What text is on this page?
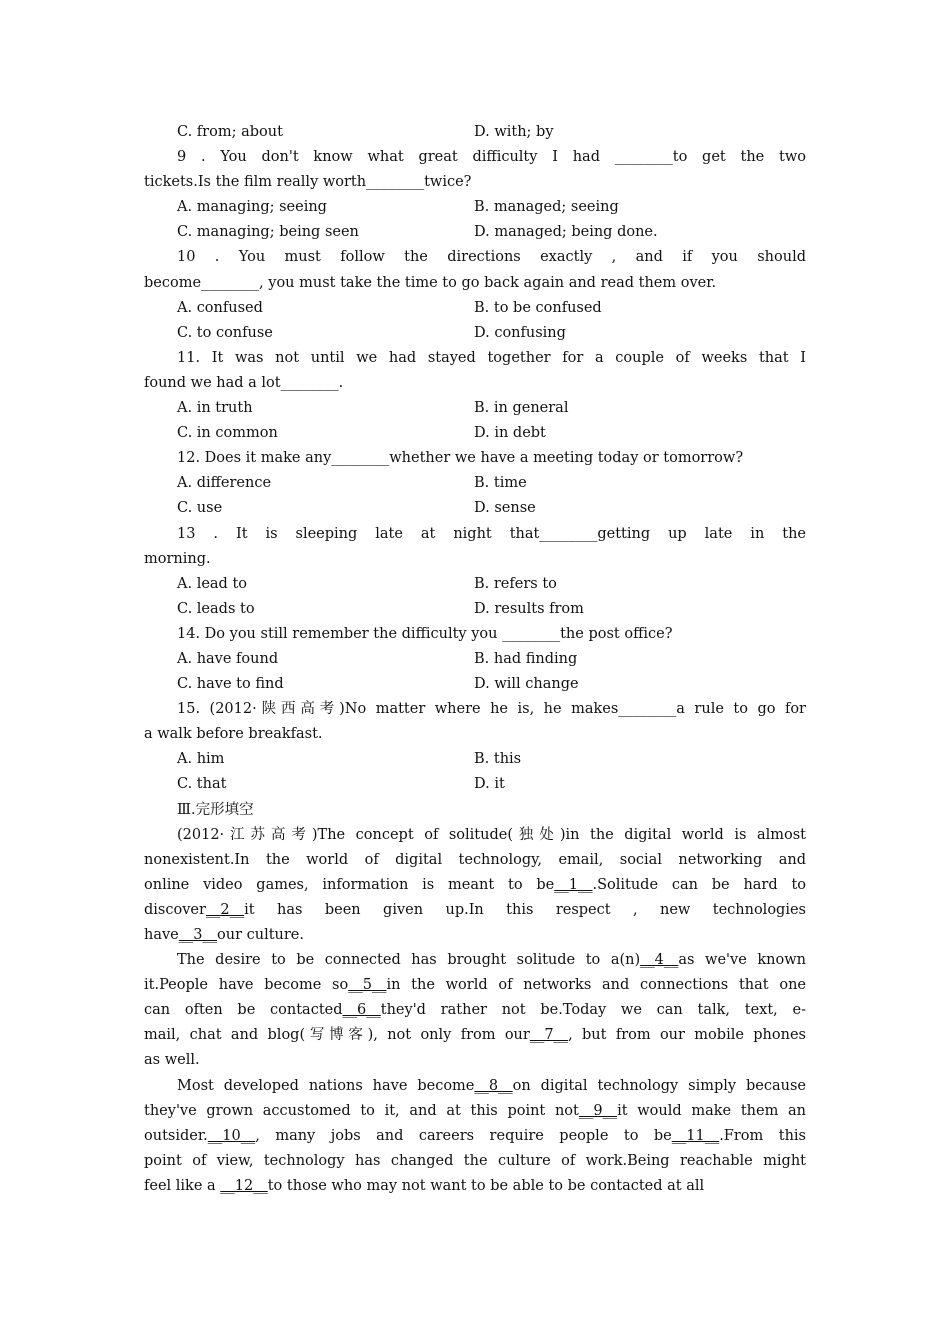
C. from; about	D. with; by
9 . You don't know what great difficulty I had ________to get the two
tickets.Is the film really worth________twice?
A. managing; seeing	B. managed; seeing
C. managing; being seen	D. managed; being done.
10 . You must follow the directions exactly , and if you should
become________, you must take the time to go back again and read them over.
A. confused	B. to be confused
C. to confuse	D. confusing
11. It was not until we had stayed together for a couple of weeks that I
found we had a lot________.
A. in truth	B. in general
C. in common	D. in debt
12. Does it make any________whether we have a meeting today or tomorrow?
A. difference	B. time
C. use	D. sense
13 . It is sleeping late at night that________getting up late in the
morning.
A. lead to	B. refers to
C. leads to	D. results from
14. Do you still remember the difficulty you ________the post office?
A. have found	B. had finding
C. have to find	D. will change
15. (2012·陕西高考)No matter where he is, he makes________a rule to go for
a walk before breakfast.
A. him	B. this
C. that	D. it
Ⅲ.完形填空
(2012·江苏高考)The concept of solitude(独处)in the digital world is almost
nonexistent.In the world of digital technology, email, social networking and
online video games, information is meant to be__1__.Solitude can be hard to
discover__2__it has been given up.In this respect , new technologies
have__3__our culture.
The desire to be connected has brought solitude to a(n)__4__as we've known
it.People have become so__5__in the world of networks and connections that one
can often be contacted__6__they'd rather not be.Today we can talk, text, e-
mail, chat and blog(写博客), not only from our__7__, but from our mobile phones
as well.
Most developed nations have become__8__on digital technology simply because
they've grown accustomed to it, and at this point not__9__it would make them an
outsider.__10__, many jobs and careers require people to be__11__.From this
point of view, technology has changed the culture of work.Being reachable might
feel like a __12__to those who may not want to be able to be contacted at all
